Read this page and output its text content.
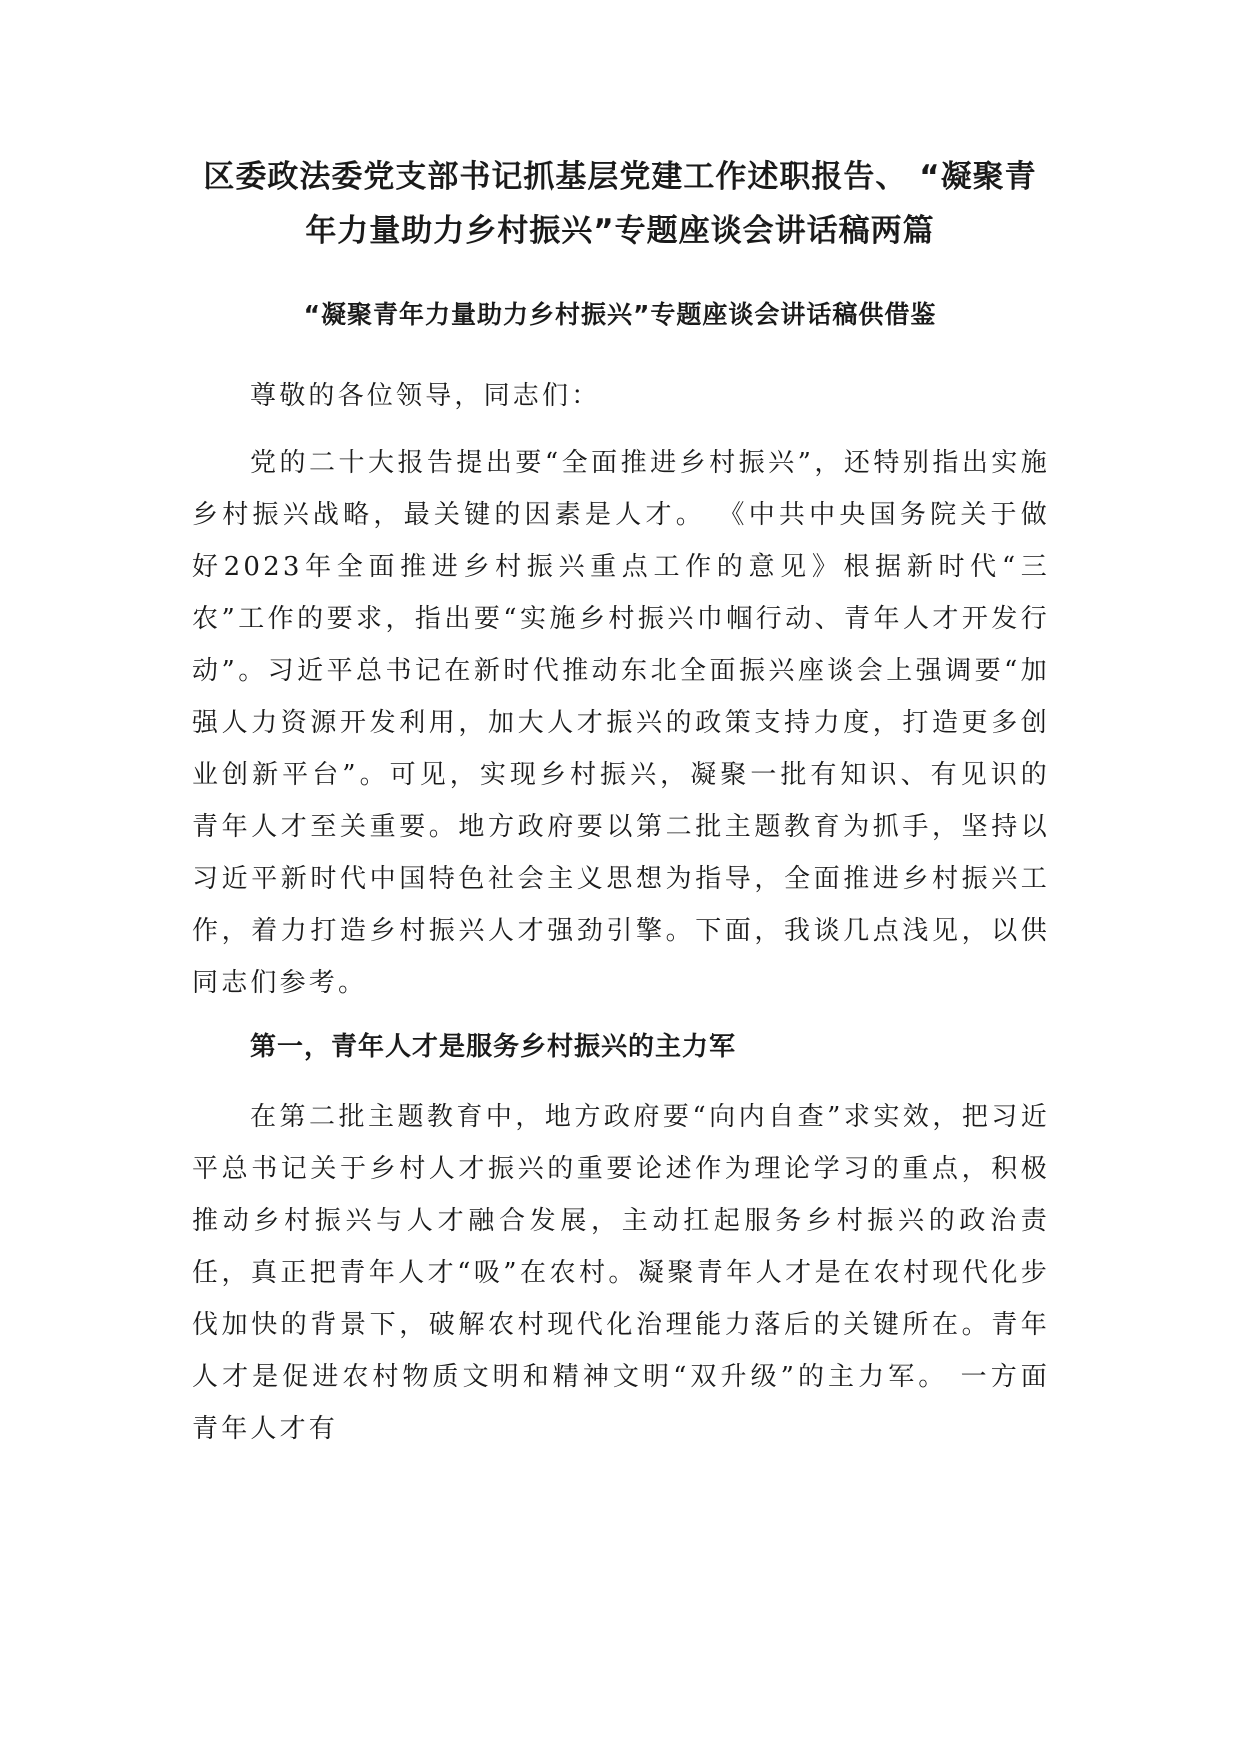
区委政法委党支部书记抓基层党建工作述职报告、 “凝聚青
年力量助力乡村振兴”专题座谈会讲话稿两篇
“凝聚青年力量助力乡村振兴”专题座谈会讲话稿供借鉴

尊敬的各位领导，同志们：

党的二十大报告提出要“全面推进乡村振兴”，还特别指出实施乡村振兴战略，最关键的因素是人才。 《中共中央国务院关于做好2023年全面推进乡村振兴重点工作的意见》根据新时代“三农”工作的要求，指出要“实施乡村振兴巾帼行动、青年人才开发行动”。习近平总书记在新时代推动东北全面振兴座谈会上强调要“加强人力资源开发利用，加大人才振兴的政策支持力度，打造更多创业创新平台”。可见，实现乡村振兴，凝聚一批有知识、有见识的青年人才至关重要。地方政府要以第二批主题教育为抓手，坚持以习近平新时代中国特色社会主义思想为指导，全面推进乡村振兴工作，着力打造乡村振兴人才强劲引擎。下面，我谈几点浅见，以供同志们参考。

第一，青年人才是服务乡村振兴的主力军

在第二批主题教育中，地方政府要“向内自查”求实效，把习近平总书记关于乡村人才振兴的重要论述作为理论学习的重点，积极推动乡村振兴与人才融合发展，主动扛起服务乡村振兴的政治责任，真正把青年人才“吸”在农村。凝聚青年人才是在农村现代化步伐加快的背景下，破解农村现代化治理能力落后的关键所在。青年人才是促进农村物质文明和精神文明“双升级”的主力军。 一方面青年人才有
